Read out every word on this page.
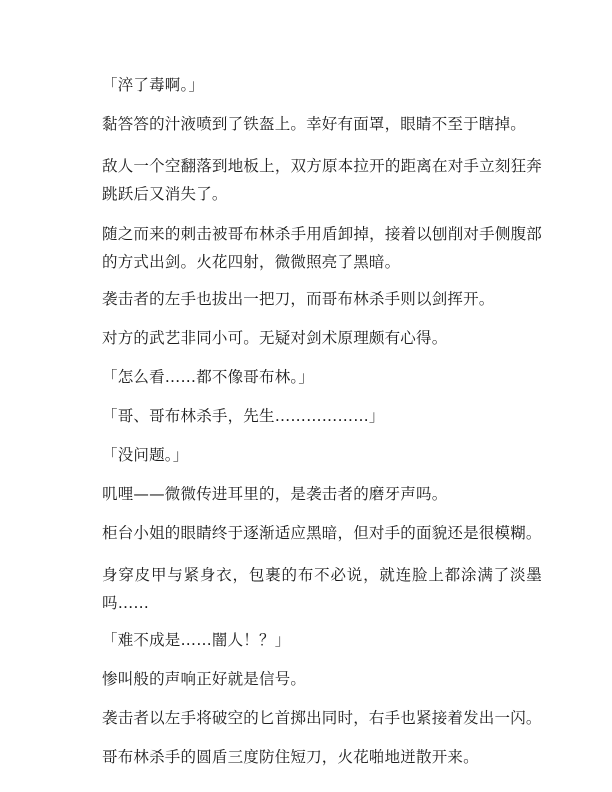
「淬了毒啊。」

黏答答的汁液喷到了铁盔上。幸好有面罩，眼睛不至于瞎掉。

敌人一个空翻落到地板上，双方原本拉开的距离在对手立刻狂奔跳跃后又消失了。

随之而来的刺击被哥布林杀手用盾卸掉，接着以刨削对手侧腹部的方式出剑。火花四射，微微照亮了黑暗。

袭击者的左手也拔出一把刀，而哥布林杀手则以剑挥开。

对方的武艺非同小可。无疑对剑术原理颇有心得。

「怎么看……都不像哥布林。」

「哥、哥布林杀手，先生………………」

「没问题。」

叽哩——微微传进耳里的，是袭击者的磨牙声吗。

柜台小姐的眼睛终于逐渐适应黑暗，但对手的面貌还是很模糊。

身穿皮甲与紧身衣，包裹的布不必说，就连脸上都涂满了淡墨吗……

「难不成是……闇人！？」

惨叫般的声响正好就是信号。

袭击者以左手将破空的匕首掷出同时，右手也紧接着发出一闪。

哥布林杀手的圆盾三度防住短刀，火花啪地迸散开来。
